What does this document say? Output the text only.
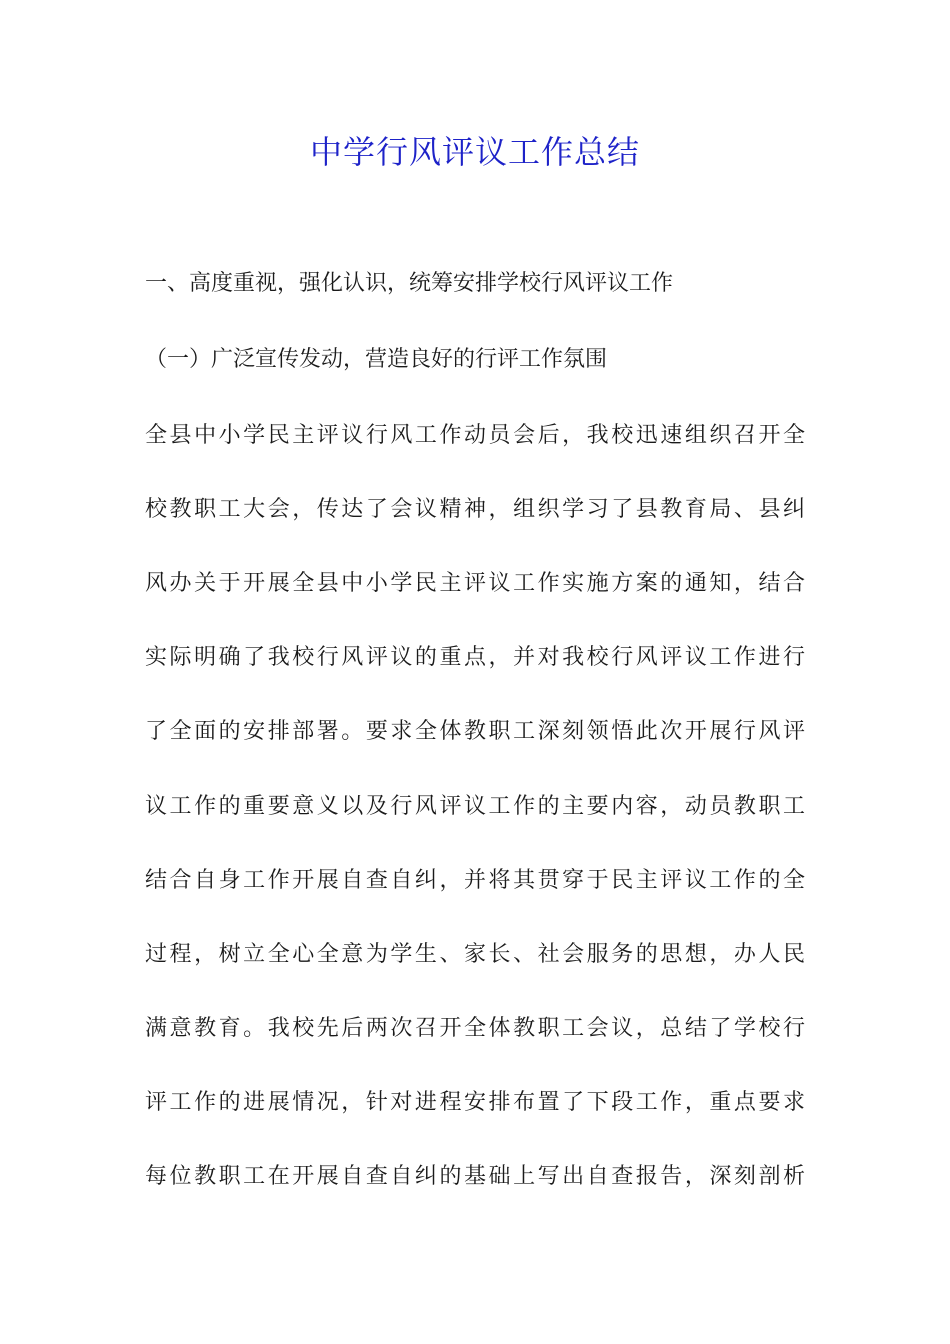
中学行风评议工作总结
一、高度重视，强化认识，统筹安排学校行风评议工作
（一）广泛宣传发动，营造良好的行评工作氛围
全县中小学民主评议行风工作动员会后，我校迅速组织召开全
校教职工大会，传达了会议精神，组织学习了县教育局、县纠
风办关于开展全县中小学民主评议工作实施方案的通知，结合
实际明确了我校行风评议的重点，并对我校行风评议工作进行
了全面的安排部署。要求全体教职工深刻领悟此次开展行风评
议工作的重要意义以及行风评议工作的主要内容，动员教职工
结合自身工作开展自查自纠，并将其贯穿于民主评议工作的全
过程，树立全心全意为学生、家长、社会服务的思想，办人民
满意教育。我校先后两次召开全体教职工会议，总结了学校行
评工作的进展情况，针对进程安排布置了下段工作，重点要求
每位教职工在开展自查自纠的基础上写出自查报告，深刻剖析
